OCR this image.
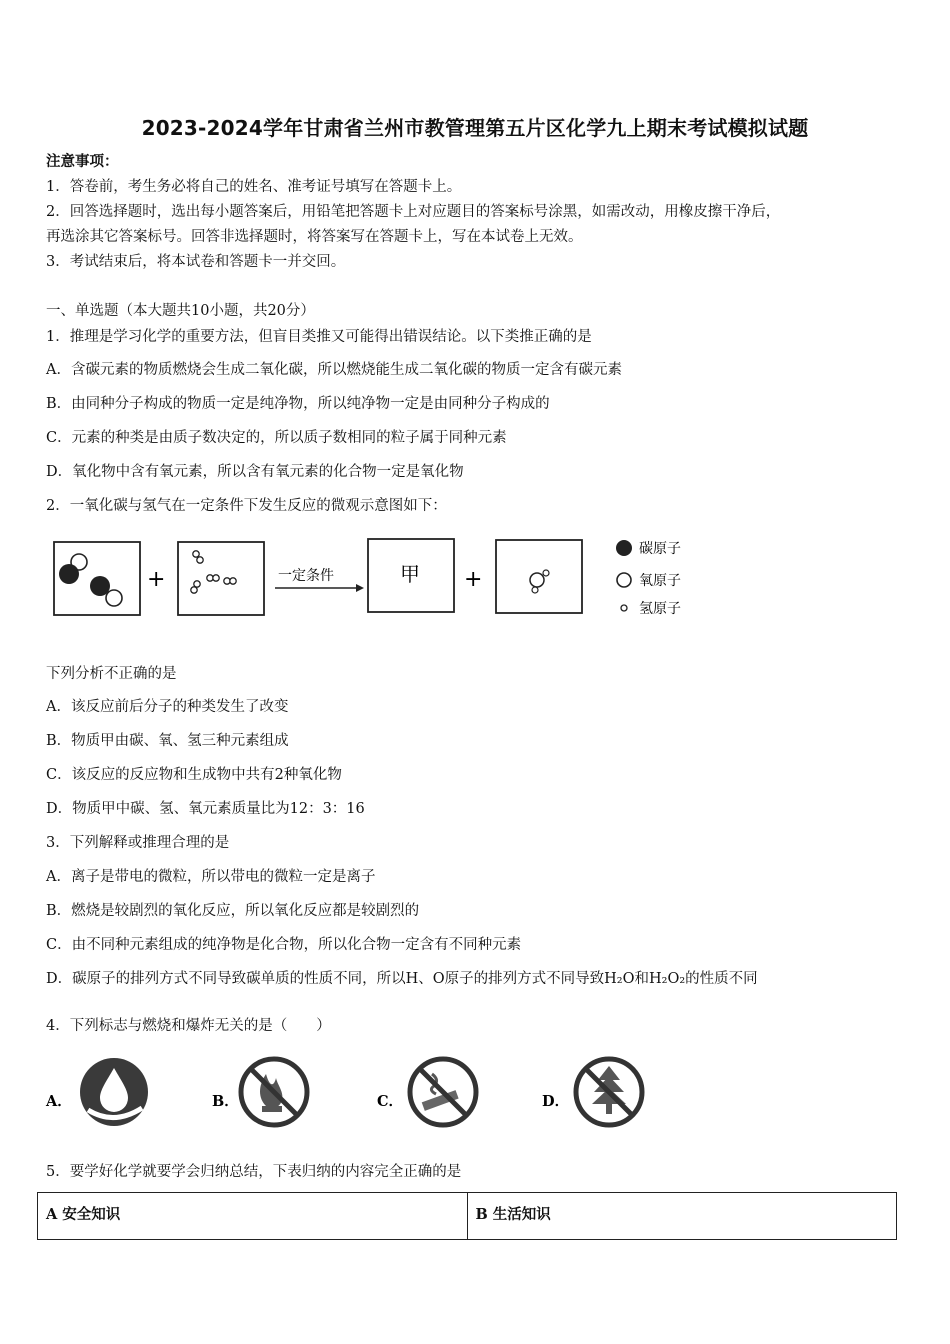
2023-2024学年甘肃省兰州市教管理第五片区化学九上期末考试模拟试题
注意事项：
1．答卷前，考生务必将自己的姓名、准考证号填写在答题卡上。
2．回答选择题时，选出每小题答案后，用铅笔把答题卡上对应题目的答案标号涂黑，如需改动，用橡皮擦干净后，
再选涂其它答案标号。回答非选择题时，将答案写在答题卡上，写在本试卷上无效。
3．考试结束后，将本试卷和答题卡一并交回。
一、单选题（本大题共10小题，共20分）
1．推理是学习化学的重要方法，但盲目类推又可能得出错误结论。以下类推正确的是
A．含碳元素的物质燃烧会生成二氧化碳，所以燃烧能生成二氧化碳的物质一定含有碳元素
B．由同种分子构成的物质一定是纯净物，所以纯净物一定是由同种分子构成的
C．元素的种类是由质子数决定的，所以质子数相同的粒子属于同种元素
D．氧化物中含有氧元素，所以含有氧元素的化合物一定是氧化物
2．一氧化碳与氢气在一定条件下发生反应的微观示意图如下：
+	一定条件	甲 +
碳原子
氧原子
氢原子
下列分析不正确的是
A．该反应前后分子的种类发生了改变
B．物质甲由碳、氧、氢三种元素组成
C．该反应的反应物和生成物中共有2种氧化物
D．物质甲中碳、氢、氧元素质量比为12：3：16
3．下列解释或推理合理的是
A．离子是带电的微粒，所以带电的微粒一定是离子
B．燃烧是较剧烈的氧化反应，所以氧化反应都是较剧烈的
C．由不同种元素组成的纯净物是化合物，所以化合物一定含有不同种元素
D．碳原子的排列方式不同导致碳单质的性质不同，所以H、O原子的排列方式不同导致H₂O和H₂O₂的性质不同
4．下列标志与燃烧和爆炸无关的是（　　）
A．	B．	C．	D．
5．要学好化学就要学会归纳总结，下表归纳的内容完全正确的是
A 安全知识	B 生活知识
